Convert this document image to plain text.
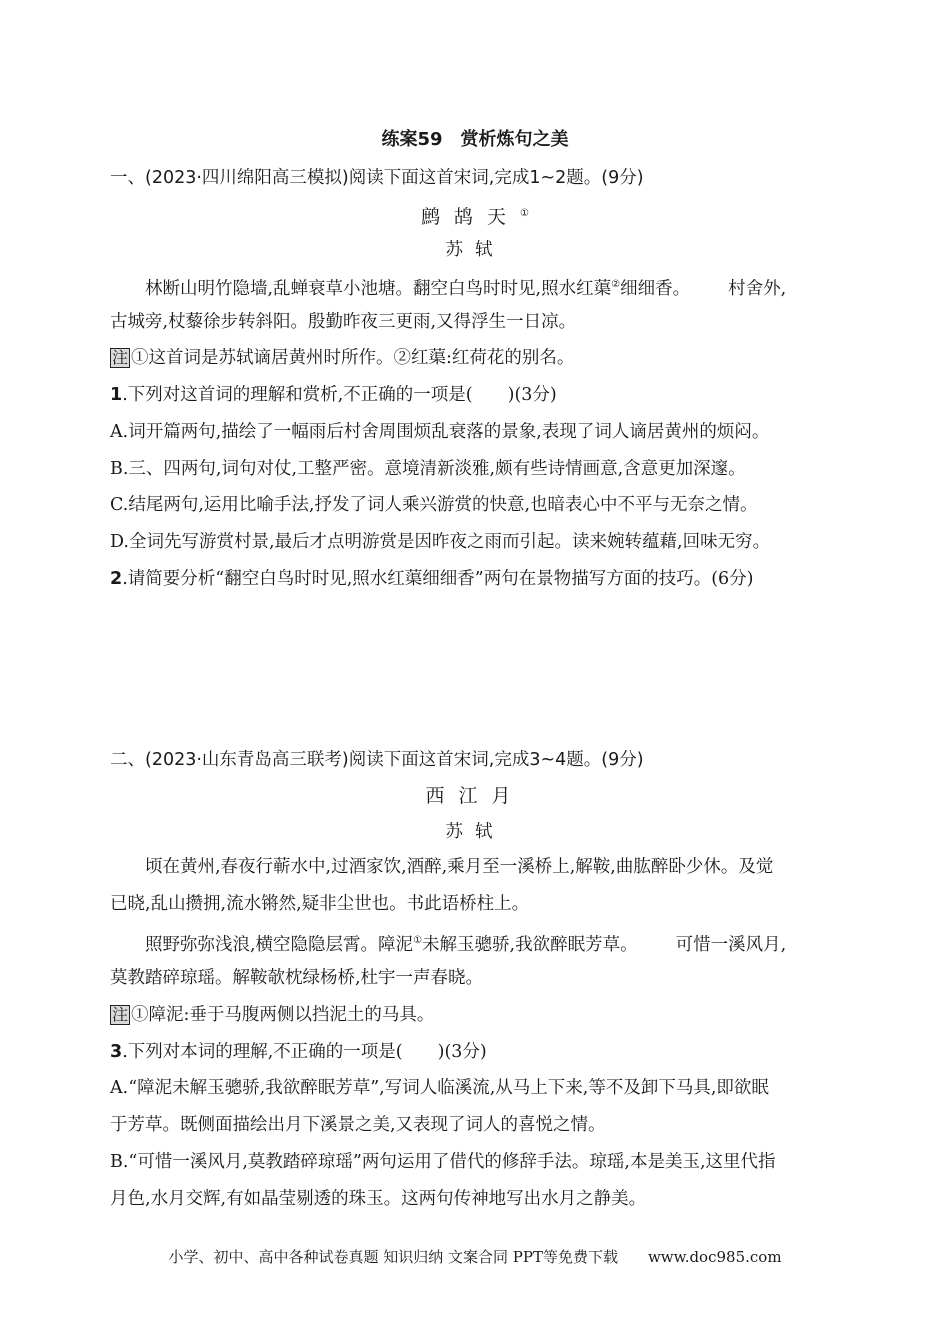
练案59　赏析炼句之美
一、(2023·四川绵阳高三模拟)阅读下面这首宋词,完成1~2题。(9分)
鹧鸪天①
苏轼
林断山明竹隐墙,乱蝉衰草小池塘。翻空白鸟时时见,照水红蕖②细细香。 村舍外,
古城旁,杖藜徐步转斜阳。殷勤昨夜三更雨,又得浮生一日凉。
注 ①这首词是苏轼谪居黄州时所作。②红蕖:红荷花的别名。
1.下列对这首词的理解和赏析,不正确的一项是(　　)(3分)
A.词开篇两句,描绘了一幅雨后村舍周围烦乱衰落的景象,表现了词人谪居黄州的烦闷。
B.三、四两句,词句对仗,工整严密。意境清新淡雅,颇有些诗情画意,含意更加深邃。
C.结尾两句,运用比喻手法,抒发了词人乘兴游赏的快意,也暗表心中不平与无奈之情。
D.全词先写游赏村景,最后才点明游赏是因昨夜之雨而引起。读来婉转蕴藉,回味无穷。
2.请简要分析“翻空白鸟时时见,照水红蕖细细香”两句在景物描写方面的技巧。(6分)
二、(2023·山东青岛高三联考)阅读下面这首宋词,完成3~4题。(9分)
西江月
苏轼
顷在黄州,春夜行蕲水中,过酒家饮,酒醉,乘月至一溪桥上,解鞍,曲肱醉卧少休。及觉
已晓,乱山攒拥,流水锵然,疑非尘世也。书此语桥柱上。
照野弥弥浅浪,横空隐隐层霄。障泥①未解玉骢骄,我欲醉眠芳草。 可惜一溪风月,
莫教踏碎琼瑶。解鞍欹枕绿杨桥,杜宇一声春晓。
注 ①障泥:垂于马腹两侧以挡泥土的马具。
3.下列对本词的理解,不正确的一项是(　　)(3分)
A.“障泥未解玉骢骄,我欲醉眠芳草”,写词人临溪流,从马上下来,等不及卸下马具,即欲眠
于芳草。既侧面描绘出月下溪景之美,又表现了词人的喜悦之情。
B.“可惜一溪风月,莫教踏碎琼瑶”两句运用了借代的修辞手法。琼瑶,本是美玉,这里代指
月色,水月交辉,有如晶莹剔透的珠玉。这两句传神地写出水月之静美。
小学、初中、高中各种试卷真题 知识归纳 文案合同 PPT等免费下载　　www.doc985.com
